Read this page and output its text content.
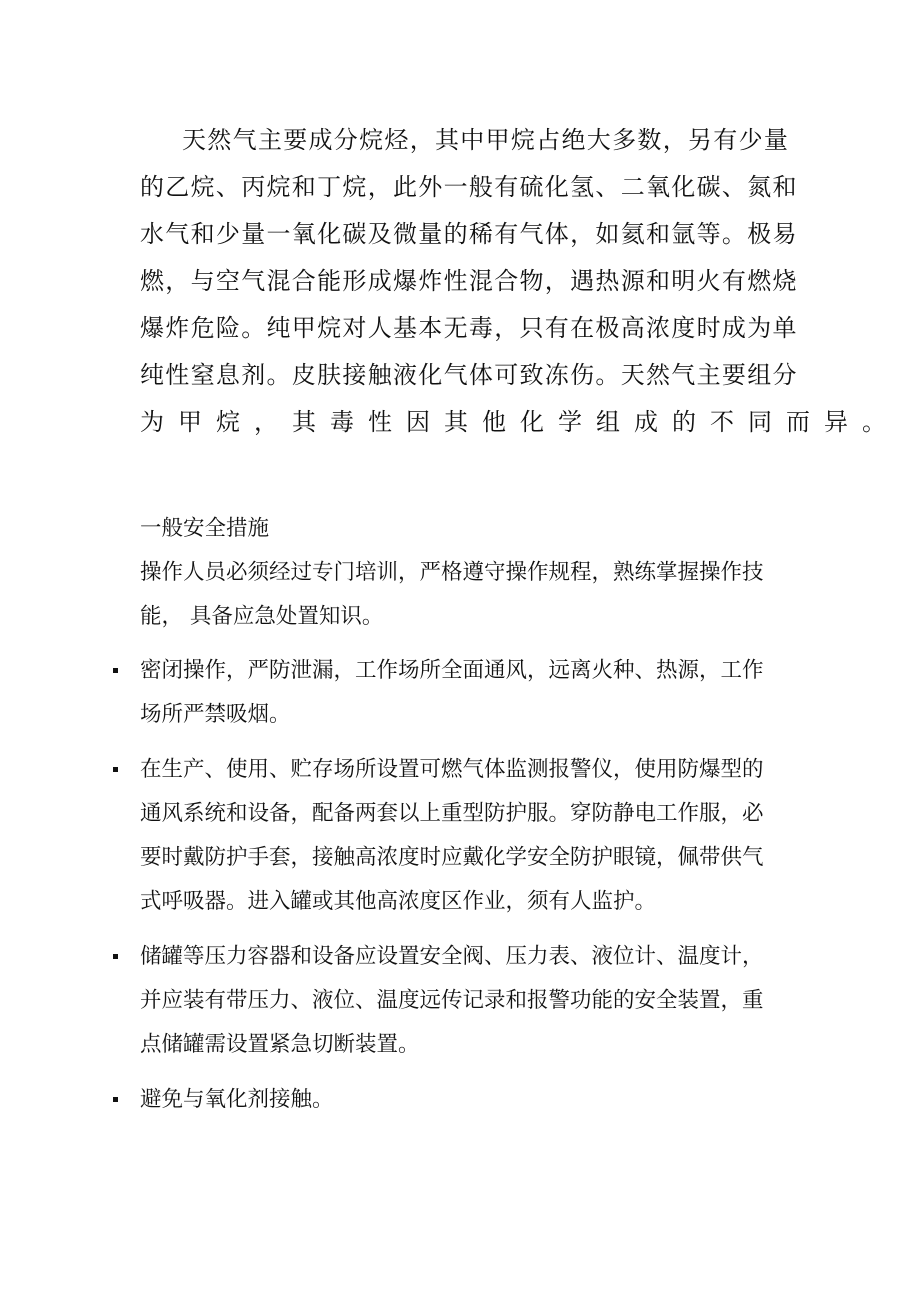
天然气主要成分烷烃，其中甲烷占绝大多数，另有少量
的乙烷、丙烷和丁烷，此外一般有硫化氢、二氧化碳、氮和
水气和少量一氧化碳及微量的稀有气体，如氦和氩等。极易
燃，与空气混合能形成爆炸性混合物，遇热源和明火有燃烧
爆炸危险。纯甲烷对人基本无毒，只有在极高浓度时成为单
纯性窒息剂。皮肤接触液化气体可致冻伤。天然气主要组分
为甲烷，其毒性因其他化学组成的不同而异。
一般安全措施
操作人员必须经过专门培训，严格遵守操作规程，熟练掌握操作技能， 具备应急处置知识。
密闭操作，严防泄漏，工作场所全面通风，远离火种、热源，工作场所严禁吸烟。
在生产、使用、贮存场所设置可燃气体监测报警仪，使用防爆型的通风系统和设备，配备两套以上重型防护服。穿防静电工作服，必要时戴防护手套，接触高浓度时应戴化学安全防护眼镜，佩带供气式呼吸器。进入罐或其他高浓度区作业，须有人监护。
储罐等压力容器和设备应设置安全阀、压力表、液位计、温度计，并应装有带压力、液位、温度远传记录和报警功能的安全装置，重点储罐需设置紧急切断装置。
避免与氧化剂接触。
